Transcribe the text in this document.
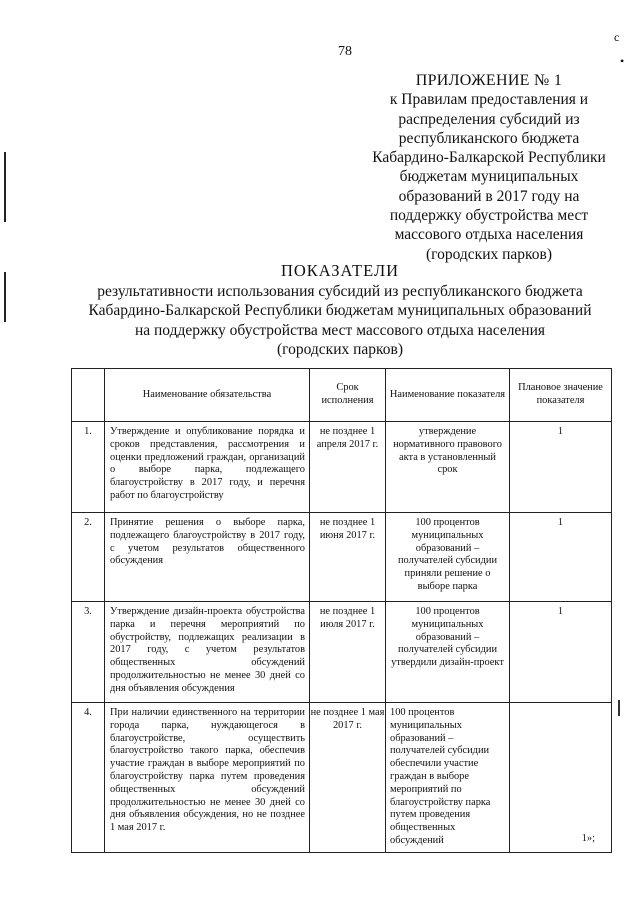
78
с
•
ПРИЛОЖЕНИЕ № 1
к Правилам предоставления и
распределения субсидий из
республиканского бюджета
Кабардино-Балкарской Республики
бюджетам муниципальных
образований в 2017 году на
поддержку обустройства мест
массового отдыха населения
(городских парков)
ПОКАЗАТЕЛИ
результативности использования субсидий из республиканского бюджета
Кабардино-Балкарской Республики бюджетам муниципальных образований
на поддержку обустройства мест массового отдыха населения
(городских парков)
	Наименование обязательства	Срок исполнения	Наименование показателя	Плановое значение показателя
1.	Утверждение и опубликование порядка и сроков представления, рассмотрения и оценки предложений граждан, организаций о выборе парка, подлежащего благоустройству в 2017 году, и перечня работ по благоустройству	не позднее 1 апреля 2017 г.	утверждение нормативного правового акта в установленный срок	1
2.	Принятие решения о выборе парка, подлежащего благоустройству в 2017 году, с учетом результатов общественного обсуждения	не позднее 1 июня 2017 г.	100 процентов муниципальных образований – получателей субсидии приняли решение о выборе парка	1
3.	Утверждение дизайн-проекта обустройства парка и перечня мероприятий по обустройству, подлежащих реализации в 2017 году, с учетом результатов общественных обсуждений продолжительностью не менее 30 дней со дня объявления обсуждения	не позднее 1 июля 2017 г.	100 процентов муниципальных образований – получателей субсидии утвердили дизайн-проект	1
4.	При наличии единственного на территории города парка, нуждающегося в благоустройстве, осуществить благоустройство такого парка, обеспечив участие граждан в выборе мероприятий по благоустройству парка путем проведения общественных обсуждений продолжительностью не менее 30 дней со дня объявления обсуждения, но не позднее 1 мая 2017 г.	не позднее 1 мая 2017 г.	100 процентов муниципальных образований – получателей субсидии обеспечили участие граждан в выборе мероприятий по благоустройству парка путем проведения общественных обсуждений	1»;
